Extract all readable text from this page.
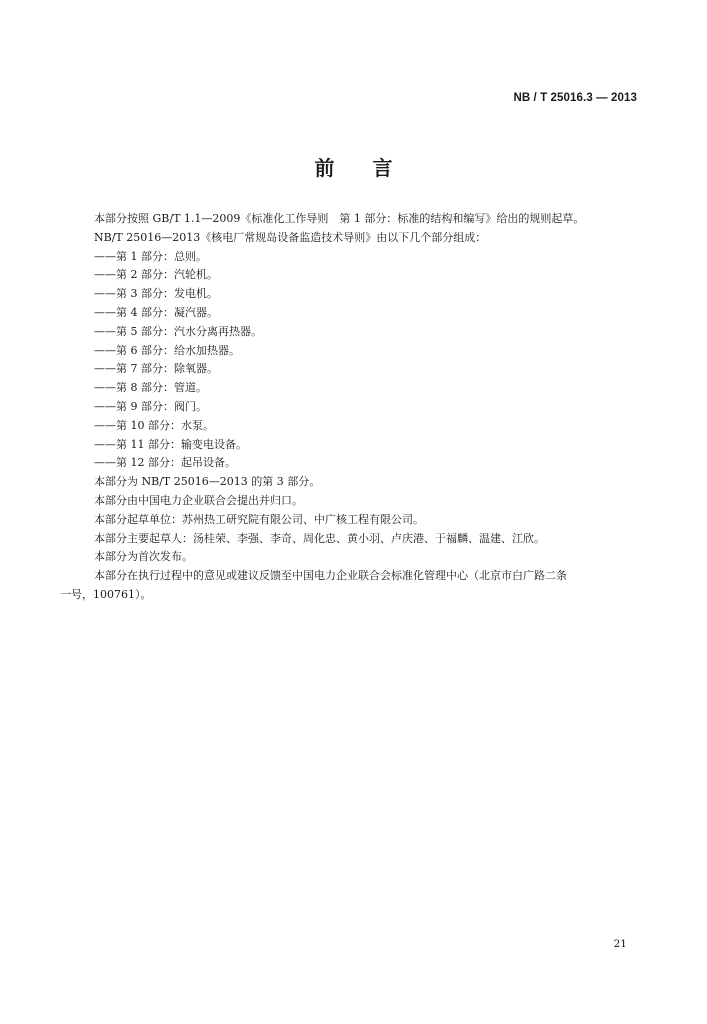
NB / T 25016.3 — 2013
前 言
本部分按照 GB/T 1.1—2009《标准化工作导则　第 1 部分：标准的结构和编写》给出的规则起草。
NB/T 25016—2013《核电厂常规岛设备监造技术导则》由以下几个部分组成：
——第 1 部分：总则。
——第 2 部分：汽轮机。
——第 3 部分：发电机。
——第 4 部分：凝汽器。
——第 5 部分：汽水分离再热器。
——第 6 部分：给水加热器。
——第 7 部分：除氧器。
——第 8 部分：管道。
——第 9 部分：阀门。
——第 10 部分：水泵。
——第 11 部分：输变电设备。
——第 12 部分：起吊设备。
本部分为 NB/T 25016—2013 的第 3 部分。
本部分由中国电力企业联合会提出并归口。
本部分起草单位：苏州热工研究院有限公司、中广核工程有限公司。
本部分主要起草人：汤桂荣、李强、李奇、周化忠、黄小羽、卢庆港、于福麟、温建、江欣。
本部分为首次发布。
本部分在执行过程中的意见或建议反馈至中国电力企业联合会标准化管理中心（北京市白广路二条
一号，100761）。
21
